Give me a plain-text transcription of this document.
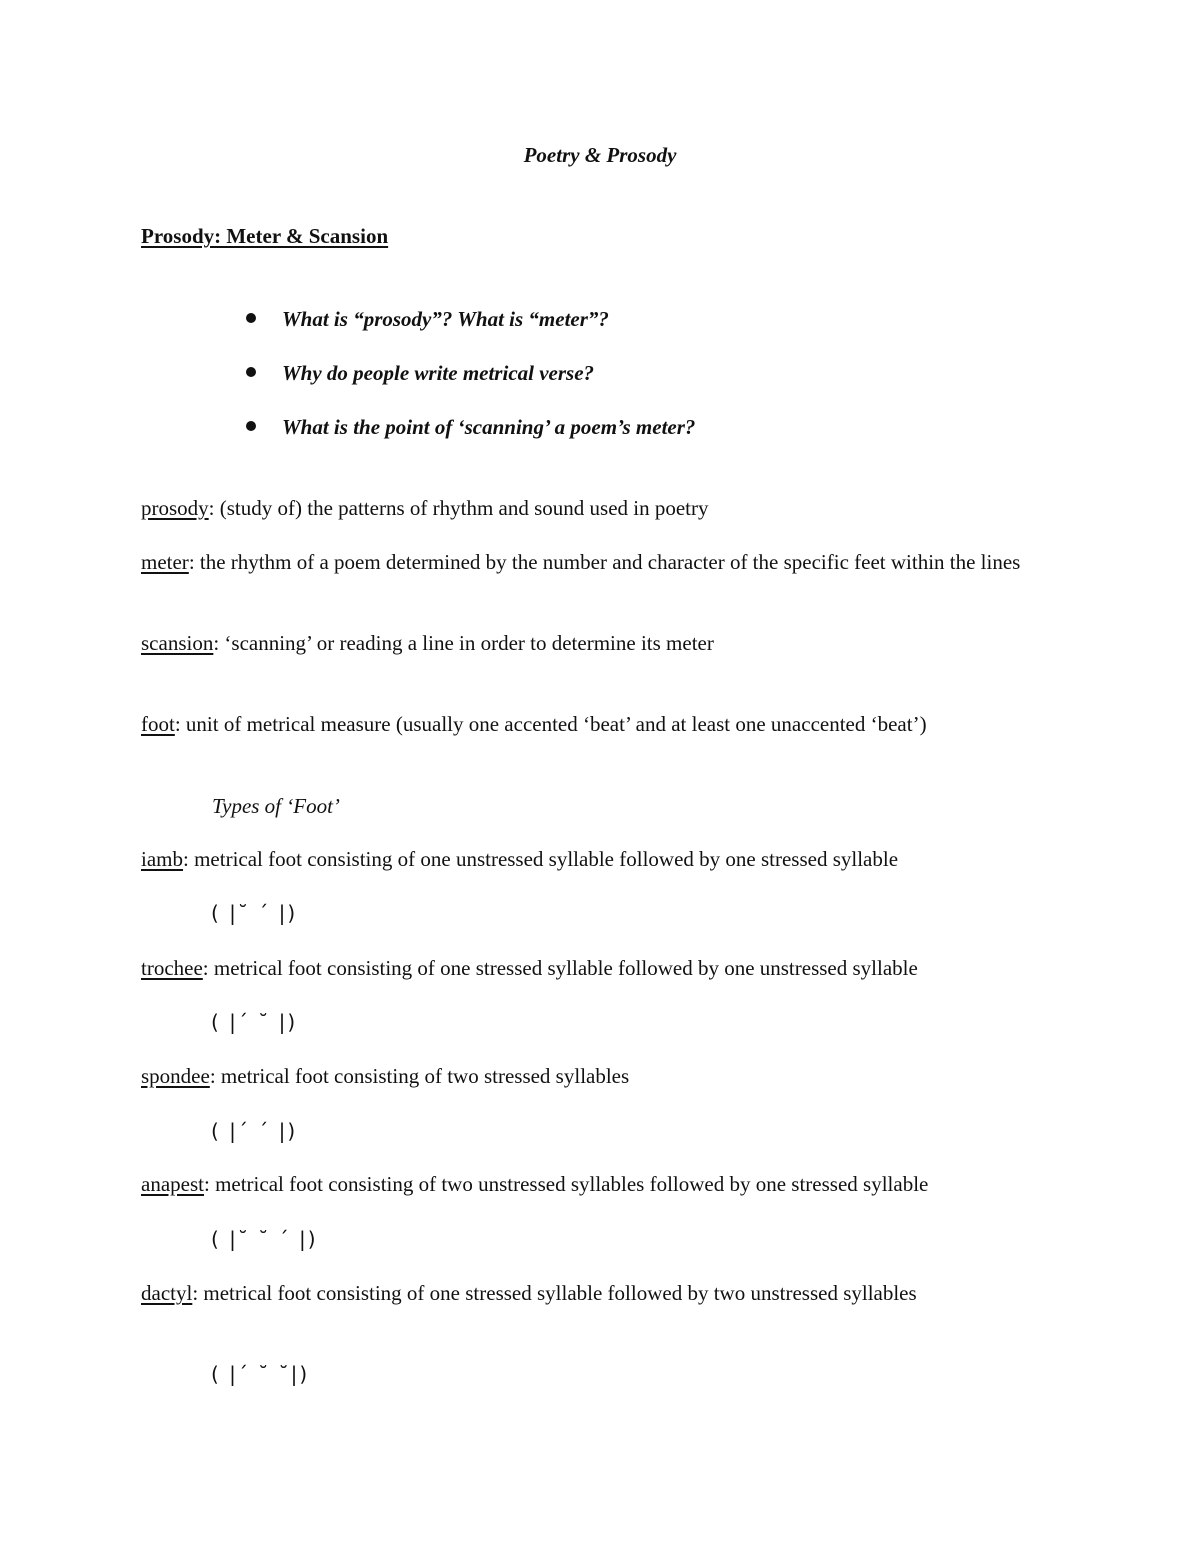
Poetry & Prosody
Prosody: Meter & Scansion
What is “prosody”? What is “meter”?
Why do people write metrical verse?
What is the point of ‘scanning’ a poem’s meter?
prosody: (study of) the patterns of rhythm and sound used in poetry
meter: the rhythm of a poem determined by the number and character of the specific feet within the lines
scansion: ‘scanning’ or reading a line in order to determine its meter
foot: unit of metrical measure (usually one accented ‘beat’ and at least one unaccented ‘beat’)
Types of ‘Foot’
iamb: metrical foot consisting of one unstressed syllable followed by one stressed syllable
( |˘ ´ |)
trochee: metrical foot consisting of one stressed syllable followed by one unstressed syllable
( |´ ˘ |)
spondee: metrical foot consisting of two stressed syllables
( |´ ´ |)
anapest: metrical foot consisting of two unstressed syllables followed by one stressed syllable
( |˘ ˘ ´ |)
dactyl: metrical foot consisting of one stressed syllable followed by two unstressed syllables
( |´ ˘ ˘|)
